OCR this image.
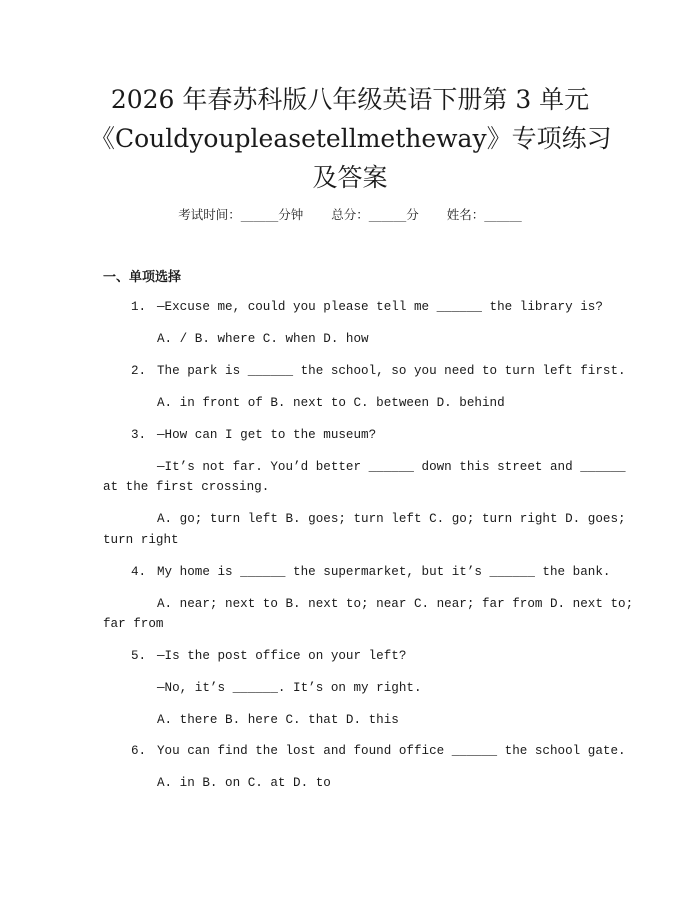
2026 年春苏科版八年级英语下册第 3 单元
《Couldyoupleasetellmetheway》专项练习
及答案
考试时间：______分钟 总分：______分 姓名：______
一、单项选择
1. —Excuse me, could you please tell me ______ the library is?
A. / B. where C. when D. how
2. The park is ______ the school, so you need to turn left first.
A. in front of B. next to C. between D. behind
3. —How can I get to the museum?
—It’s not far. You’d better ______ down this street and ______
at the first crossing.
A. go; turn left B. goes; turn left C. go; turn right D. goes;
turn right
4. My home is ______ the supermarket, but it’s ______ the bank.
A. near; next to B. next to; near C. near; far from D. next to;
far from
5. —Is the post office on your left?
—No, it’s ______. It’s on my right.
A. there B. here C. that D. this
6. You can find the lost and found office ______ the school gate.
A. in B. on C. at D. to
